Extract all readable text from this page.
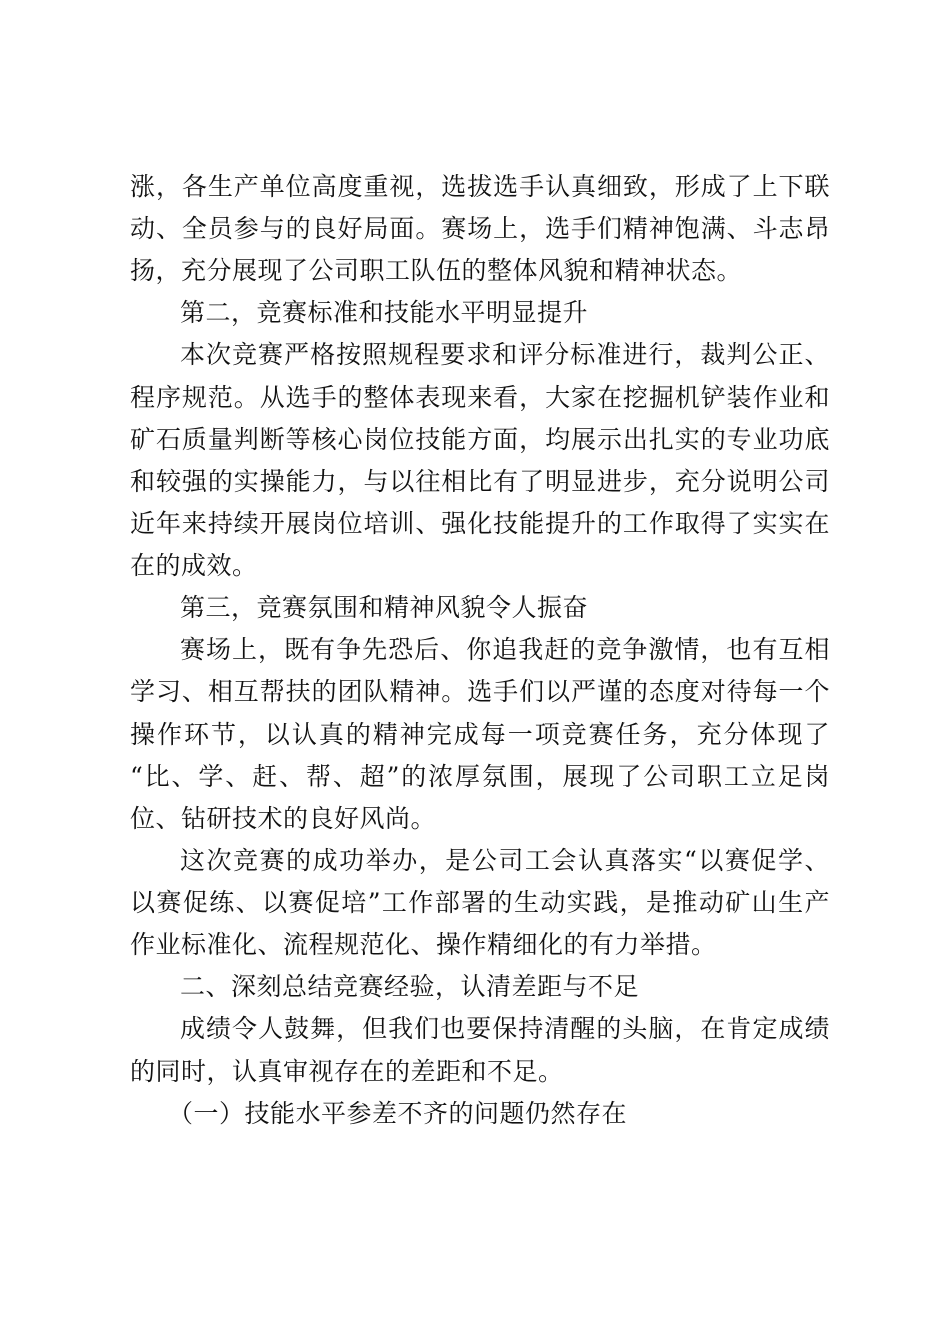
涨，各生产单位高度重视，选拔选手认真细致，形成了上下联
动、全员参与的良好局面。赛场上，选手们精神饱满、斗志昂
扬，充分展现了公司职工队伍的整体风貌和精神状态。
第二，竞赛标准和技能水平明显提升
本次竞赛严格按照规程要求和评分标准进行，裁判公正、
程序规范。从选手的整体表现来看，大家在挖掘机铲装作业和
矿石质量判断等核心岗位技能方面，均展示出扎实的专业功底
和较强的实操能力，与以往相比有了明显进步，充分说明公司
近年来持续开展岗位培训、强化技能提升的工作取得了实实在
在的成效。
第三，竞赛氛围和精神风貌令人振奋
赛场上，既有争先恐后、你追我赶的竞争激情，也有互相
学习、相互帮扶的团队精神。选手们以严谨的态度对待每一个
操作环节，以认真的精神完成每一项竞赛任务，充分体现了
“比、学、赶、帮、超”的浓厚氛围，展现了公司职工立足岗
位、钻研技术的良好风尚。
这次竞赛的成功举办，是公司工会认真落实“以赛促学、
以赛促练、以赛促培”工作部署的生动实践，是推动矿山生产
作业标准化、流程规范化、操作精细化的有力举措。
二、深刻总结竞赛经验，认清差距与不足
成绩令人鼓舞，但我们也要保持清醒的头脑，在肯定成绩
的同时，认真审视存在的差距和不足。
（一）技能水平参差不齐的问题仍然存在
